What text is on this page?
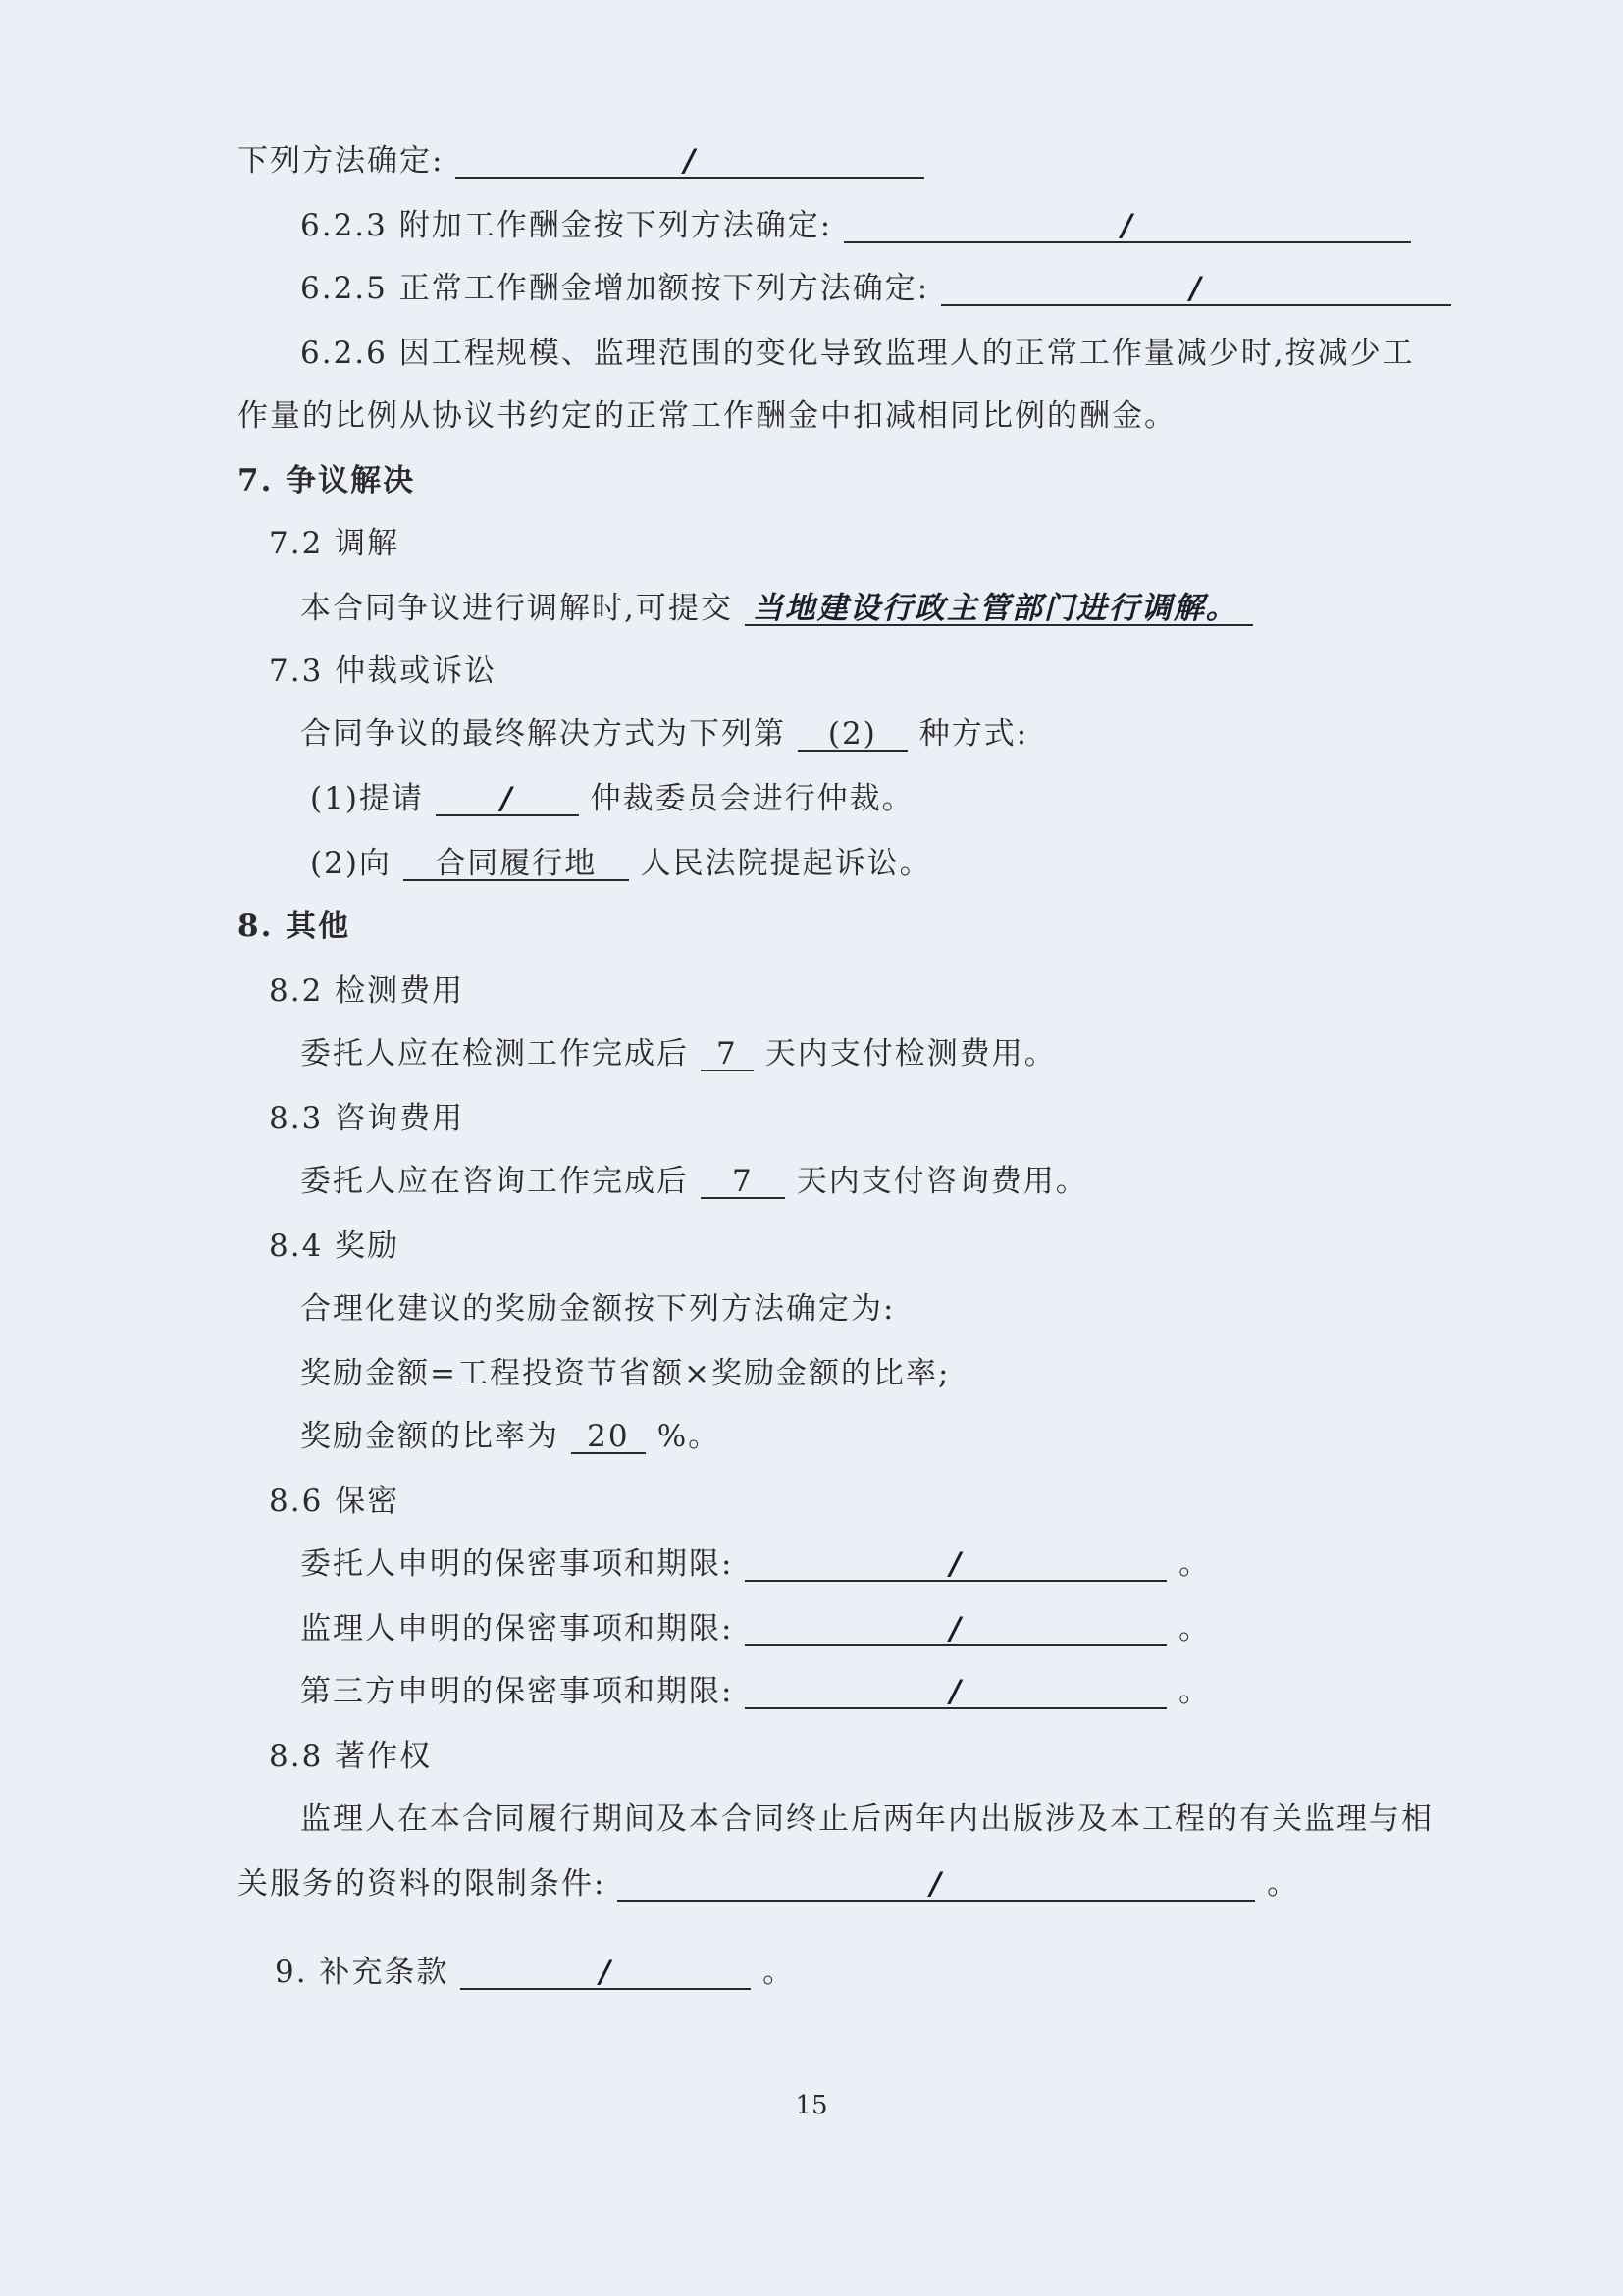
下列方法确定:	/
6.2.3 附加工作酬金按下列方法确定:	/
6.2.5 正常工作酬金增加额按下列方法确定:	/
6.2.6 因工程规模、监理范围的变化导致监理人的正常工作量减少时,按减少工
作量的比例从协议书约定的正常工作酬金中扣减相同比例的酬金。
7. 争议解决
7.2 调解
本合同争议进行调解时,可提交 当地建设行政主管部门进行调解。
7.3 仲裁或诉讼
合同争议的最终解决方式为下列第 (2) 种方式:
(1)提请	/	仲裁委员会进行仲裁。
(2)向 合同履行地 人民法院提起诉讼。
8. 其他
8.2 检测费用
委托人应在检测工作完成后 7 天内支付检测费用。
8.3 咨询费用
委托人应在咨询工作完成后 7 天内支付咨询费用。
8.4 奖励
合理化建议的奖励金额按下列方法确定为:
奖励金额=工程投资节省额×奖励金额的比率;
奖励金额的比率为 20 %。
8.6 保密
委托人申明的保密事项和期限:	/	。
监理人申明的保密事项和期限:	/	。
第三方申明的保密事项和期限:	/	。
8.8 著作权
监理人在本合同履行期间及本合同终止后两年内出版涉及本工程的有关监理与相
关服务的资料的限制条件:	/	。
9. 补充条款	/	。
15
